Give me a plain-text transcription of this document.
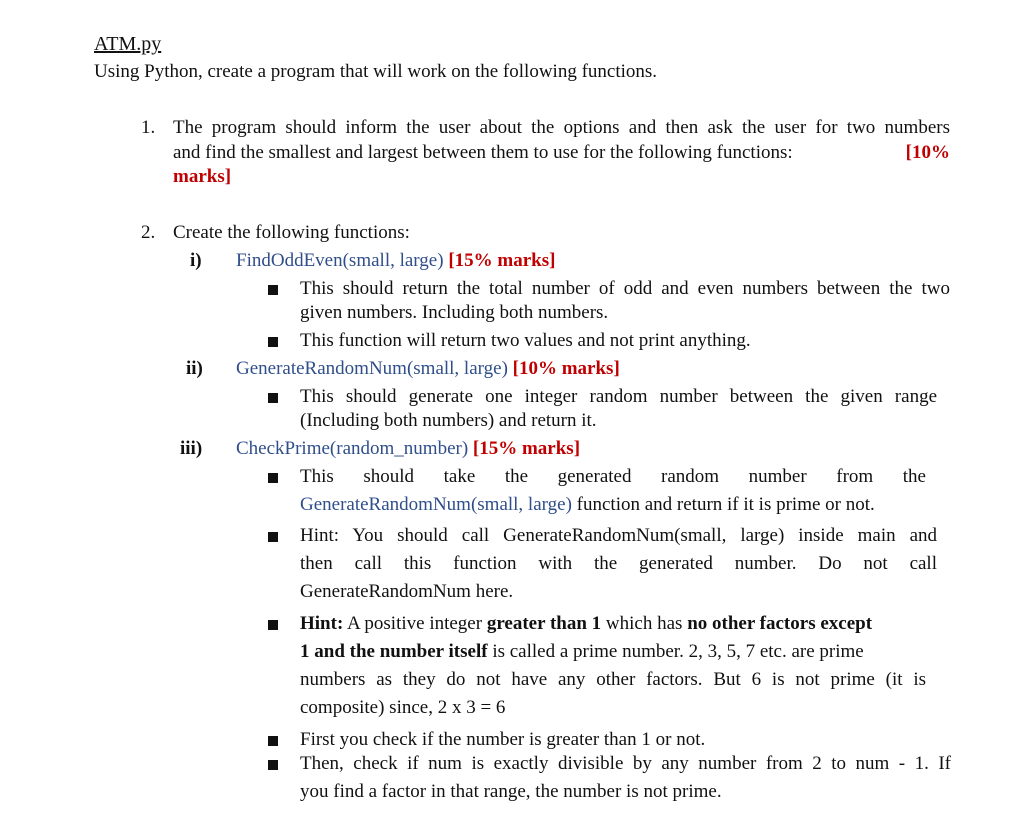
ATM.py
Using Python, create a program that will work on the following functions.
1. The program should inform the user about the options and then ask the user for two numbers
and find the smallest and largest between them to use for the following functions:	[10%
marks]
2. Create the following functions:
i) FindOddEven(small, large) [15% marks]
This should return the total number of odd and even numbers between the two
given numbers. Including both numbers.
This function will return two values and not print anything.
ii) GenerateRandomNum(small, large) [10% marks]
This should generate one integer random number between the given range
(Including both numbers) and return it.
iii) CheckPrime(random_number) [15% marks]
This should take the generated random number from the
GenerateRandomNum(small, large) function and return if it is prime or not.
Hint: You should call GenerateRandomNum(small, large) inside main and
then call this function with the generated number. Do not call
GenerateRandomNum here.
Hint: A positive integer greater than 1 which has no other factors except
1 and the number itself is called a prime number. 2, 3, 5, 7 etc. are prime
numbers as they do not have any other factors. But 6 is not prime (it is
composite) since, 2 x 3 = 6
First you check if the number is greater than 1 or not.
Then, check if num is exactly divisible by any number from 2 to num - 1. If
you find a factor in that range, the number is not prime.
